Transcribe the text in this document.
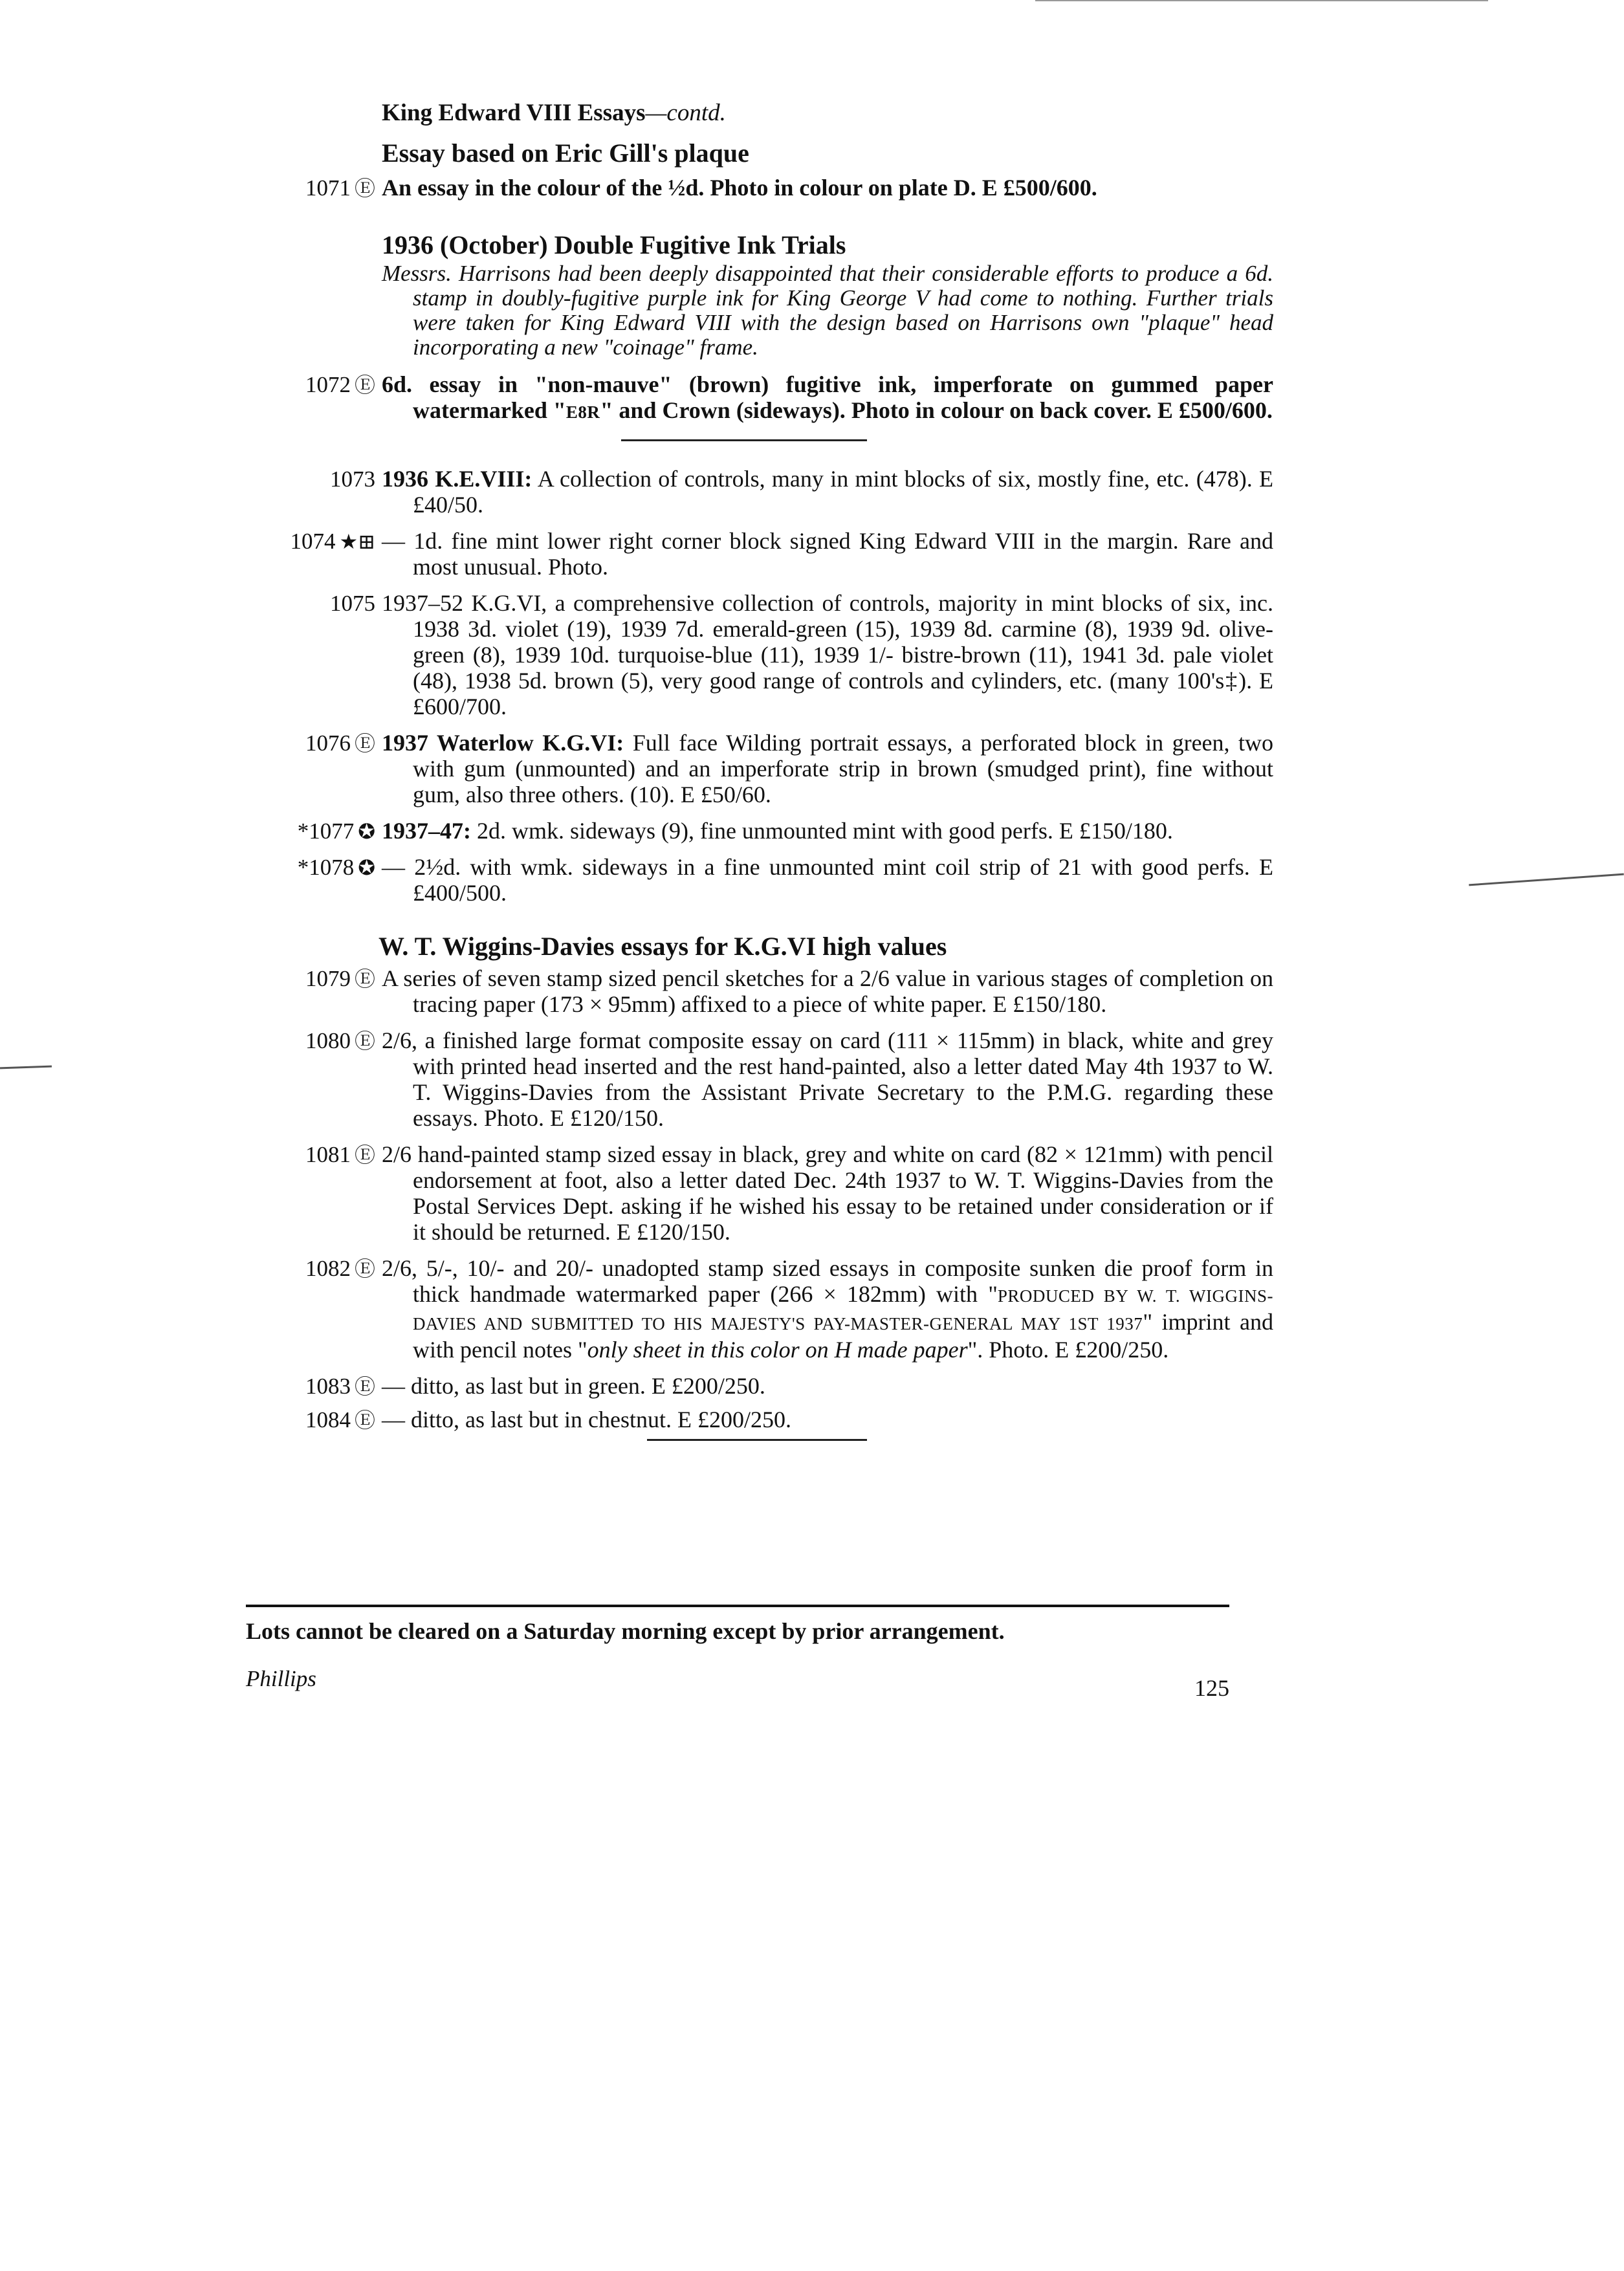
King Edward VIII Essays—contd.
Essay based on Eric Gill's plaque
1071 Ⓔ An essay in the colour of the ½d. Photo in colour on plate D. E £500/600.
1936 (October) Double Fugitive Ink Trials
Messrs. Harrisons had been deeply disappointed that their considerable efforts to produce a 6d. stamp in doubly-fugitive purple ink for King George V had come to nothing. Further trials were taken for King Edward VIII with the design based on Harrisons own "plaque" head incorporating a new "coinage" frame.
1072 Ⓔ 6d. essay in "non-mauve" (brown) fugitive ink, imperforate on gummed paper watermarked "E8R" and Crown (sideways). Photo in colour on back cover. E £500/600.
1073 1936 K.E.VIII: A collection of controls, many in mint blocks of six, mostly fine, etc. (478). E £40/50.
1074 ★⊞ — 1d. fine mint lower right corner block signed King Edward VIII in the margin. Rare and most unusual. Photo.
1075 1937–52 K.G.VI, a comprehensive collection of controls, majority in mint blocks of six, inc. 1938 3d. violet (19), 1939 7d. emerald-green (15), 1939 8d. carmine (8), 1939 9d. olive-green (8), 1939 10d. turquoise-blue (11), 1939 1/- bistre-brown (11), 1941 3d. pale violet (48), 1938 5d. brown (5), very good range of controls and cylinders, etc. (many 100's‡). E £600/700.
1076 Ⓔ 1937 Waterlow K.G.VI: Full face Wilding portrait essays, a perforated block in green, two with gum (unmounted) and an imperforate strip in brown (smudged print), fine without gum, also three others. (10). E £50/60.
*1077 ✪ 1937–47: 2d. wmk. sideways (9), fine unmounted mint with good perfs. E £150/180.
*1078 ✪ — 2½d. with wmk. sideways in a fine unmounted mint coil strip of 21 with good perfs. E £400/500.
W. T. Wiggins-Davies essays for K.G.VI high values
1079 Ⓔ A series of seven stamp sized pencil sketches for a 2/6 value in various stages of completion on tracing paper (173 × 95mm) affixed to a piece of white paper. E £150/180.
1080 Ⓔ 2/6, a finished large format composite essay on card (111 × 115mm) in black, white and grey with printed head inserted and the rest hand-painted, also a letter dated May 4th 1937 to W. T. Wiggins-Davies from the Assistant Private Secretary to the P.M.G. regarding these essays. Photo. E £120/150.
1081 Ⓔ 2/6 hand-painted stamp sized essay in black, grey and white on card (82 × 121mm) with pencil endorsement at foot, also a letter dated Dec. 24th 1937 to W. T. Wiggins-Davies from the Postal Services Dept. asking if he wished his essay to be retained under consideration or if it should be returned. E £120/150.
1082 Ⓔ 2/6, 5/-, 10/- and 20/- unadopted stamp sized essays in composite sunken die proof form in thick handmade watermarked paper (266 × 182mm) with "PRODUCED BY W. T. WIGGINS-DAVIES AND SUBMITTED TO HIS MAJESTY'S PAY-MASTER-GENERAL MAY 1ST 1937" imprint and with pencil notes "only sheet in this color on H made paper". Photo. E £200/250.
1083 Ⓔ — ditto, as last but in green. E £200/250.
1084 Ⓔ — ditto, as last but in chestnut. E £200/250.
Lots cannot be cleared on a Saturday morning except by prior arrangement.
Phillips	125
